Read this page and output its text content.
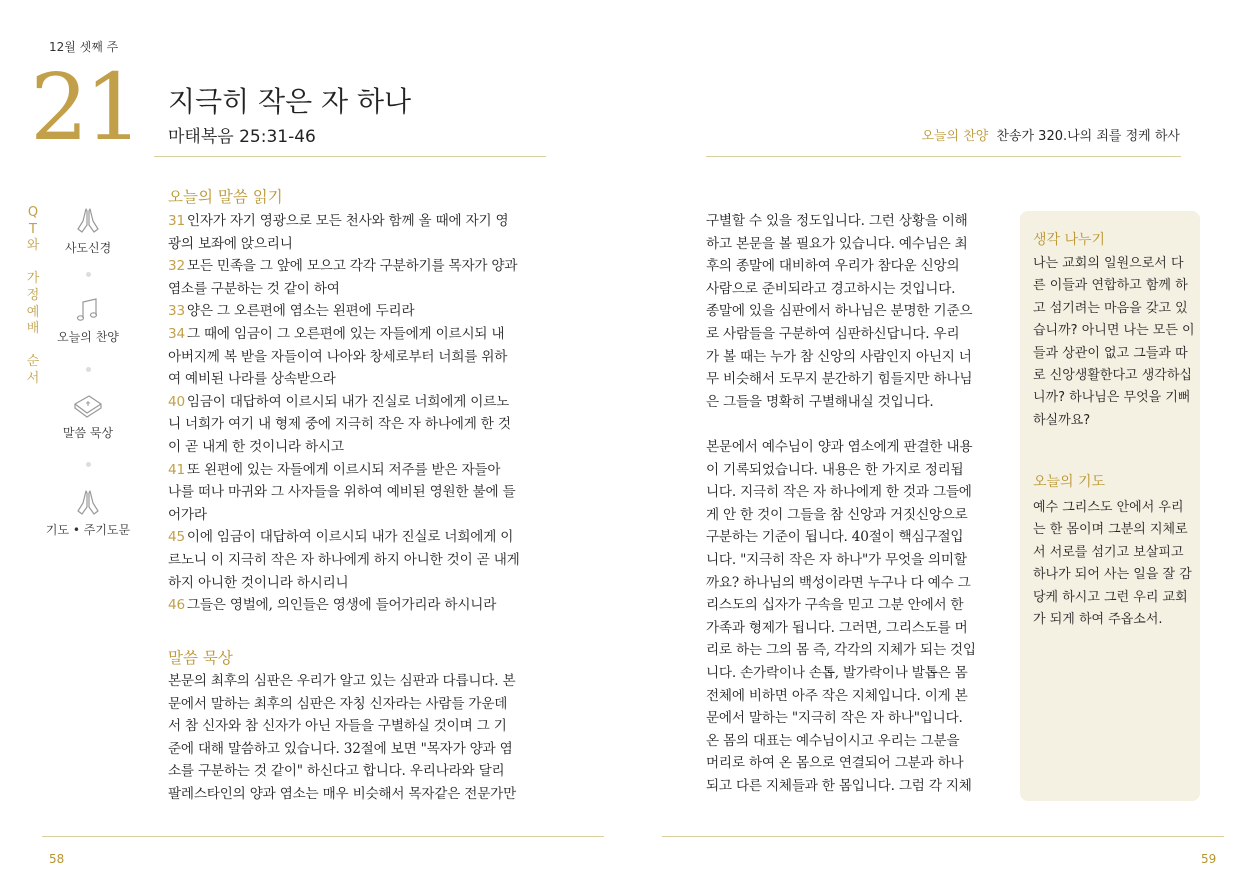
12월 셋째 주
21 지극히 작은 자 하나
마태복음 25:31-46	오늘의 찬양 찬송가 320.나의 죄를 정케 하사
Q
T
와

가
정
예
배

순
서
사도신경
오늘의 찬양
말씀 묵상
기도 • 주기도문
오늘의 말씀 읽기
31 인자가 자기 영광으로 모든 천사와 함께 올 때에 자기 영
광의 보좌에 앉으리니
32 모든 민족을 그 앞에 모으고 각각 구분하기를 목자가 양과
염소를 구분하는 것 같이 하여
33 양은 그 오른편에 염소는 왼편에 두리라
34 그 때에 임금이 그 오른편에 있는 자들에게 이르시되 내
아버지께 복 받을 자들이여 나아와 창세로부터 너희를 위하
여 예비된 나라를 상속받으라
40 임금이 대답하여 이르시되 내가 진실로 너희에게 이르노
니 너희가 여기 내 형제 중에 지극히 작은 자 하나에게 한 것
이 곧 내게 한 것이니라 하시고
41 또 왼편에 있는 자들에게 이르시되 저주를 받은 자들아
나를 떠나 마귀와 그 사자들을 위하여 예비된 영원한 불에 들
어가라
45 이에 임금이 대답하여 이르시되 내가 진실로 너희에게 이
르노니 이 지극히 작은 자 하나에게 하지 아니한 것이 곧 내게
하지 아니한 것이니라 하시리니
46 그들은 영벌에, 의인들은 영생에 들어가리라 하시니라
말씀 묵상
본문의 최후의 심판은 우리가 알고 있는 심판과 다릅니다. 본
문에서 말하는 최후의 심판은 자칭 신자라는 사람들 가운데
서 참 신자와 참 신자가 아닌 자들을 구별하실 것이며 그 기
준에 대해 말씀하고 있습니다. 32절에 보면 "목자가 양과 염
소를 구분하는 것 같이" 하신다고 합니다. 우리나라와 달리
팔레스타인의 양과 염소는 매우 비슷해서 목자같은 전문가만
구별할 수 있을 정도입니다. 그런 상황을 이해
하고 본문을 볼 필요가 있습니다. 예수님은 최
후의 종말에 대비하여 우리가 참다운 신앙의
사람으로 준비되라고 경고하시는 것입니다.
종말에 있을 심판에서 하나님은 분명한 기준으
로 사람들을 구분하여 심판하신답니다. 우리
가 볼 때는 누가 참 신앙의 사람인지 아닌지 너
무 비슷해서 도무지 분간하기 힘들지만 하나님
은 그들을 명확히 구별해내실 것입니다.
본문에서 예수님이 양과 염소에게 판결한 내용
이 기록되었습니다. 내용은 한 가지로 정리됩
니다. 지극히 작은 자 하나에게 한 것과 그들에
게 안 한 것이 그들을 참 신앙과 거짓신앙으로
구분하는 기준이 됩니다. 40절이 핵심구절입
니다. "지극히 작은 자 하나"가 무엇을 의미할
까요? 하나님의 백성이라면 누구나 다 예수 그
리스도의 십자가 구속을 믿고 그분 안에서 한
가족과 형제가 됩니다. 그러면, 그리스도를 머
리로 하는 그의 몸 즉, 각각의 지체가 되는 것입
니다. 손가락이나 손톱, 발가락이나 발톱은 몸
전체에 비하면 아주 작은 지체입니다. 이게 본
문에서 말하는 "지극히 작은 자 하나"입니다.
온 몸의 대표는 예수님이시고 우리는 그분을
머리로 하여 온 몸으로 연결되어 그분과 하나
되고 다른 지체들과 한 몸입니다. 그럼 각 지체
생각 나누기
나는 교회의 일원으로서 다
른 이들과 연합하고 함께 하
고 섬기려는 마음을 갖고 있
습니까? 아니면 나는 모든 이
들과 상관이 없고 그들과 따
로 신앙생활한다고 생각하십
니까? 하나님은 무엇을 기뻐
하실까요?
오늘의 기도
예수 그리스도 안에서 우리
는 한 몸이며 그분의 지체로
서 서로를 섬기고 보살피고
하나가 되어 사는 일을 잘 감
당케 하시고 그런 우리 교회
가 되게 하여 주옵소서.
58	59
